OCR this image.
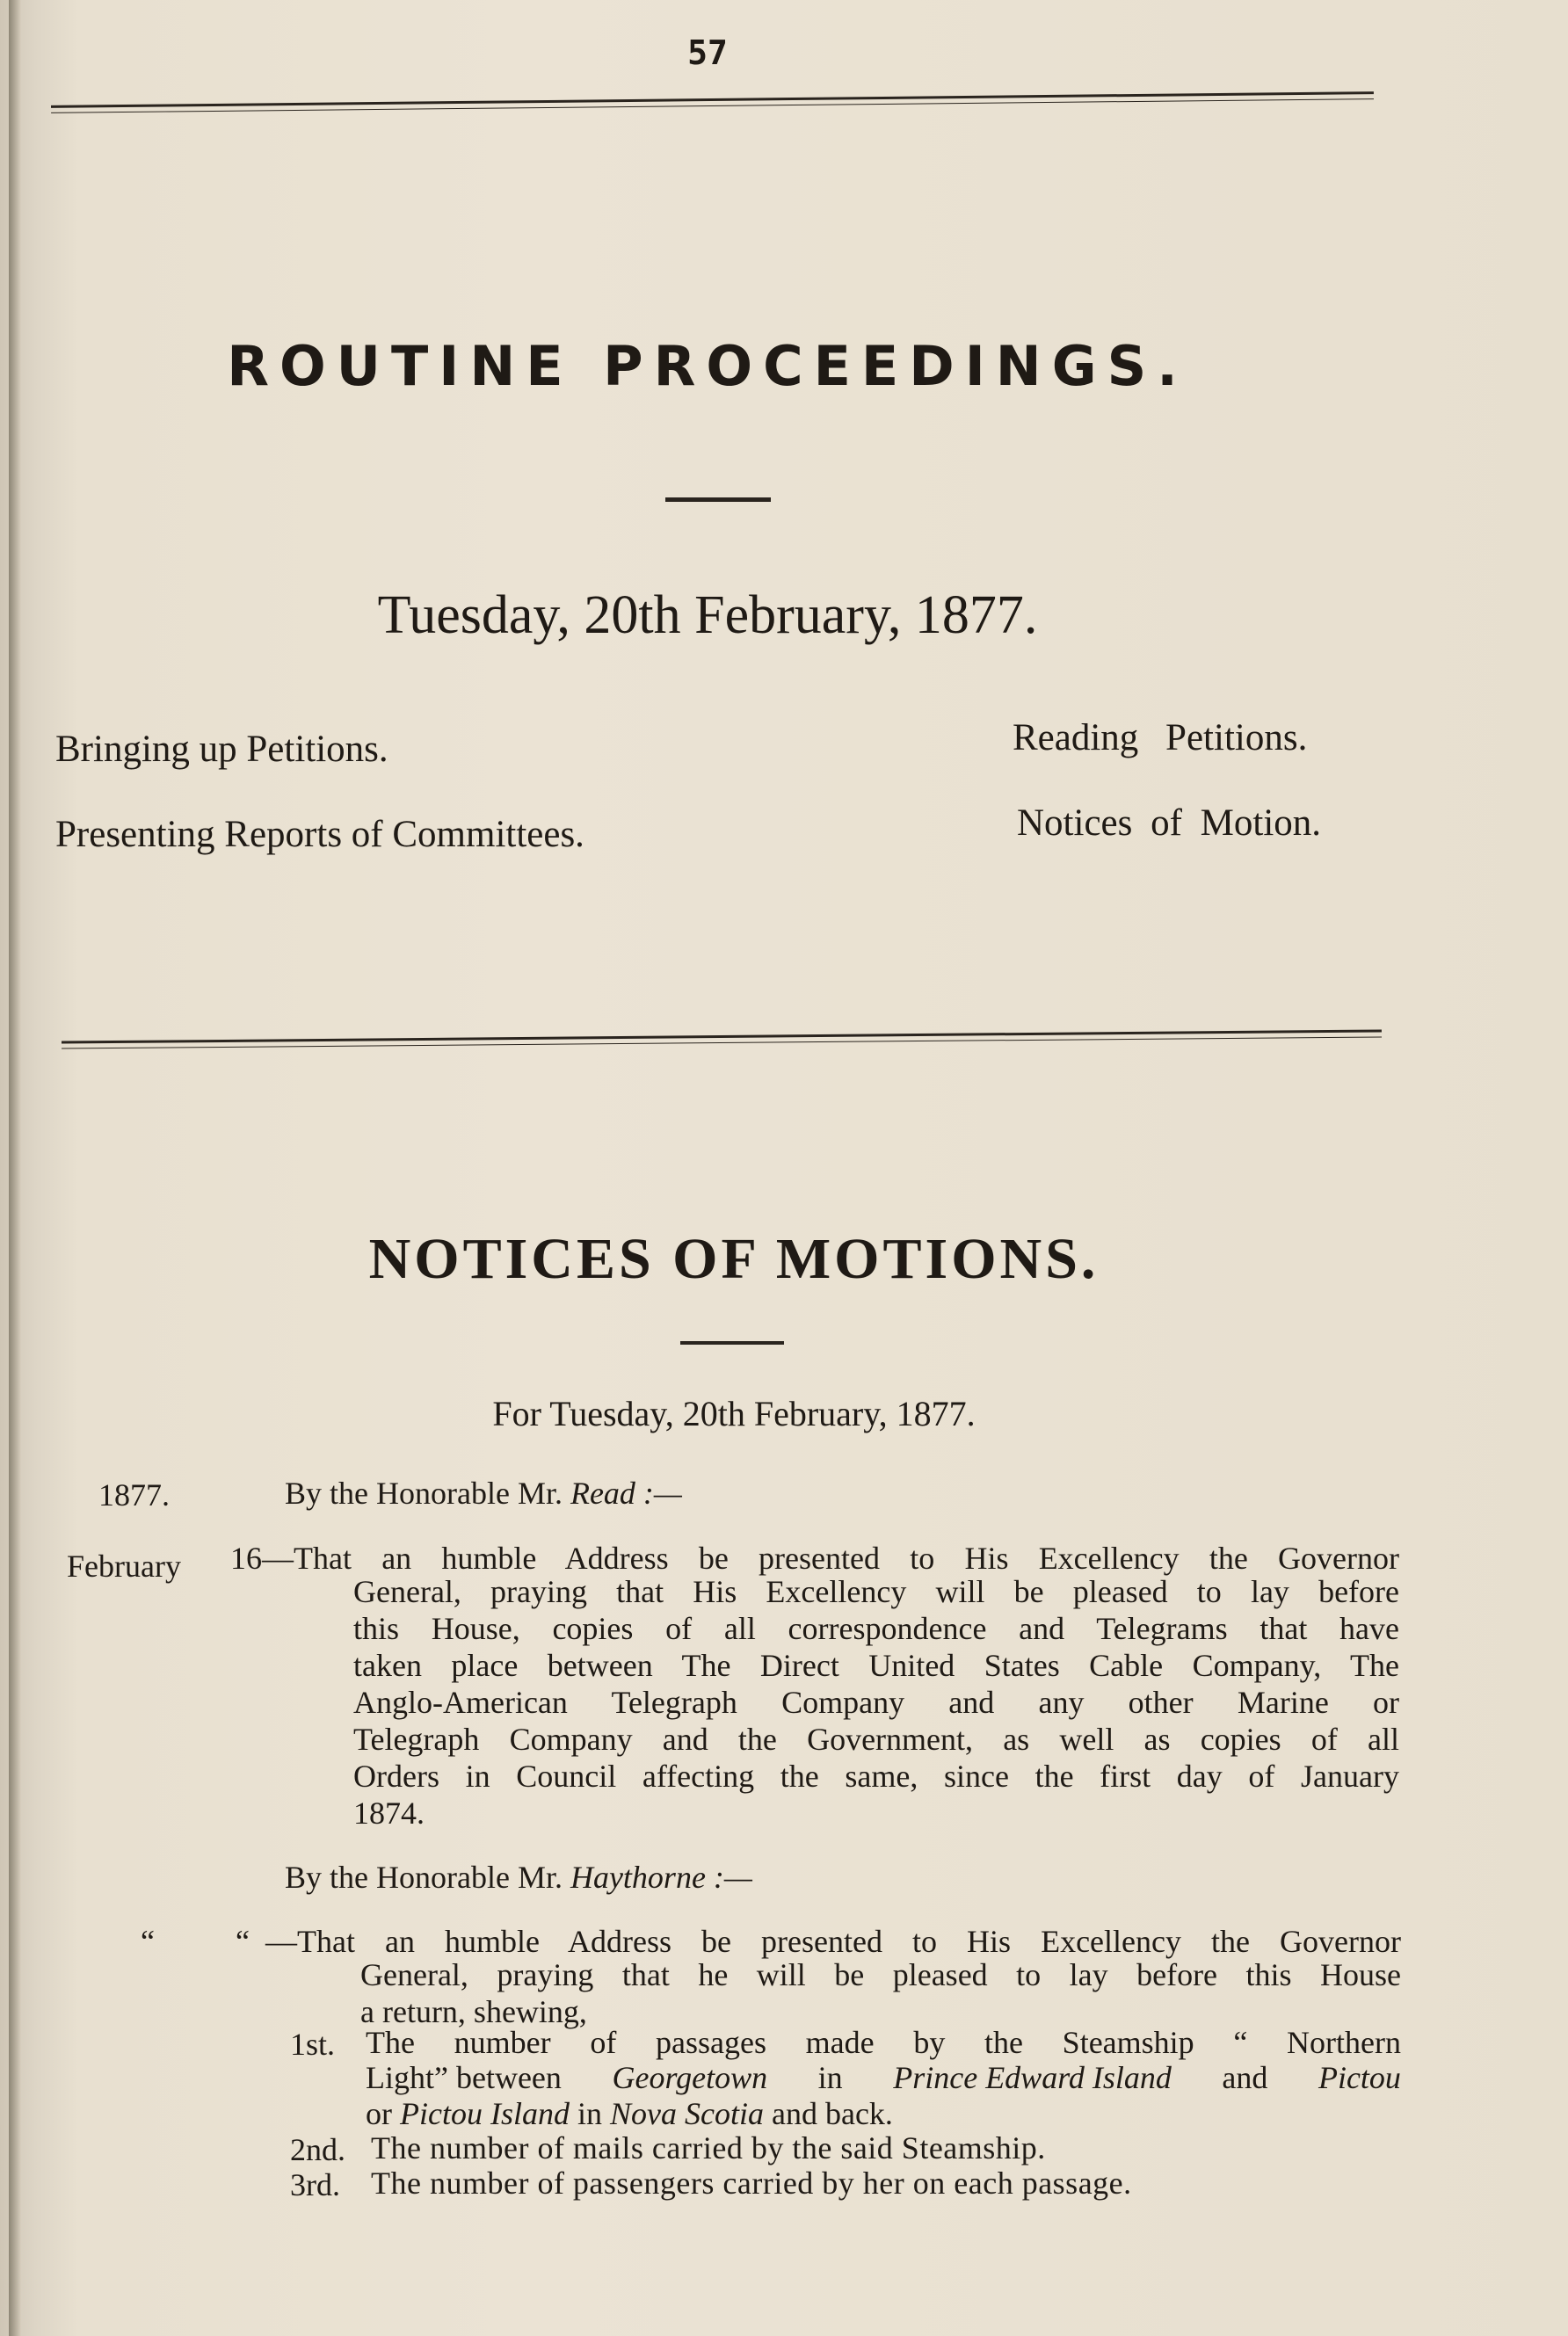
57
ROUTINE PROCEEDINGS.
Tuesday, 20th February, 1877.
Bringing up Petitions.	Reading Petitions.
Presenting Reports of Committees.	Notices of Motion.
NOTICES OF MOTIONS.
For Tuesday, 20th February, 1877.
1877.	By the Honorable Mr. Read :—
February 16—That an humble Address be presented to His Excellency the Governor
General, praying that His Excellency will be pleased to lay before
this House, copies of all correspondence and Telegrams that have
taken place between The Direct United States Cable Company, The
Anglo-American Telegraph Company and any other Marine or
Telegraph Company and the Government, as well as copies of all
Orders in Council affecting the same, since the first day of January
1874.
By the Honorable Mr. Haythorne :—
“	“ —That an humble Address be presented to His Excellency the Governor
General, praying that he will be pleased to lay before this House
a return, shewing,
1st. The number of passages made by the Steamship “ Northern
Light” between Georgetown in Prince Edward Island and Pictou
or Pictou Island in Nova Scotia and back.
2nd. The number of mails carried by the said Steamship.
3rd. The number of passengers carried by her on each passage.
